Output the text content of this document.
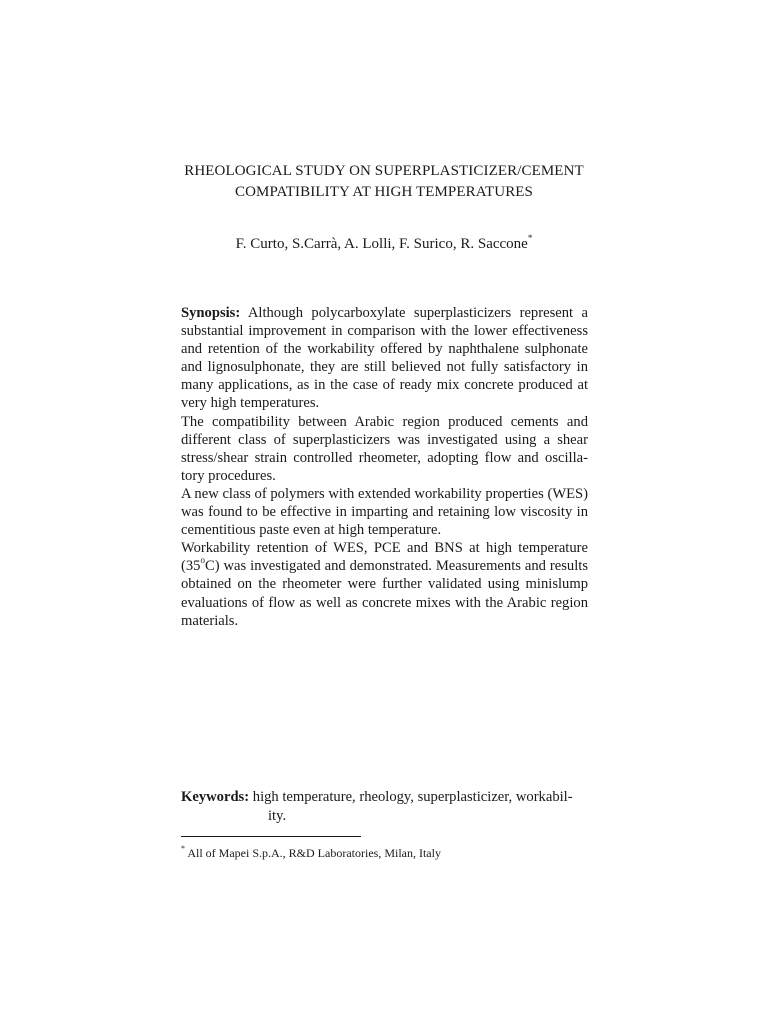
RHEOLOGICAL STUDY ON SUPERPLASTICIZER/CEMENT
COMPATIBILITY AT HIGH TEMPERATURES
F. Curto, S.Carrà, A. Lolli, F. Surico, R. Saccone*

Synopsis: Although polycarboxylate superplasticizers represent a substantial improvement in comparison with the lower effectiveness and retention of the workability offered by naphthalene sulphonate and lignosulphonate, they are still believed not fully satisfactory in many applications, as in the case of ready mix concrete produced at very high temperatures.

The compatibility between Arabic region produced cements and different class of superplasticizers was investigated using a shear stress/shear strain controlled rheometer, adopting flow and oscillatory procedures.

A new class of polymers with extended workability properties (WES) was found to be effective in imparting and retaining low viscosity in cementitious paste even at high temperature.

Workability retention of WES, PCE and BNS at high temperature (35$^o$C) was investigated and demonstrated. Measurements and results obtained on the rheometer were further validated using minislump evaluations of flow as well as concrete mixes with the Arabic region materials.

Keywords: high temperature, rheology, superplasticizer, workabil-

ity.

* All of Mapei S.p.A., R&D Laboratories, Milan, Italy
